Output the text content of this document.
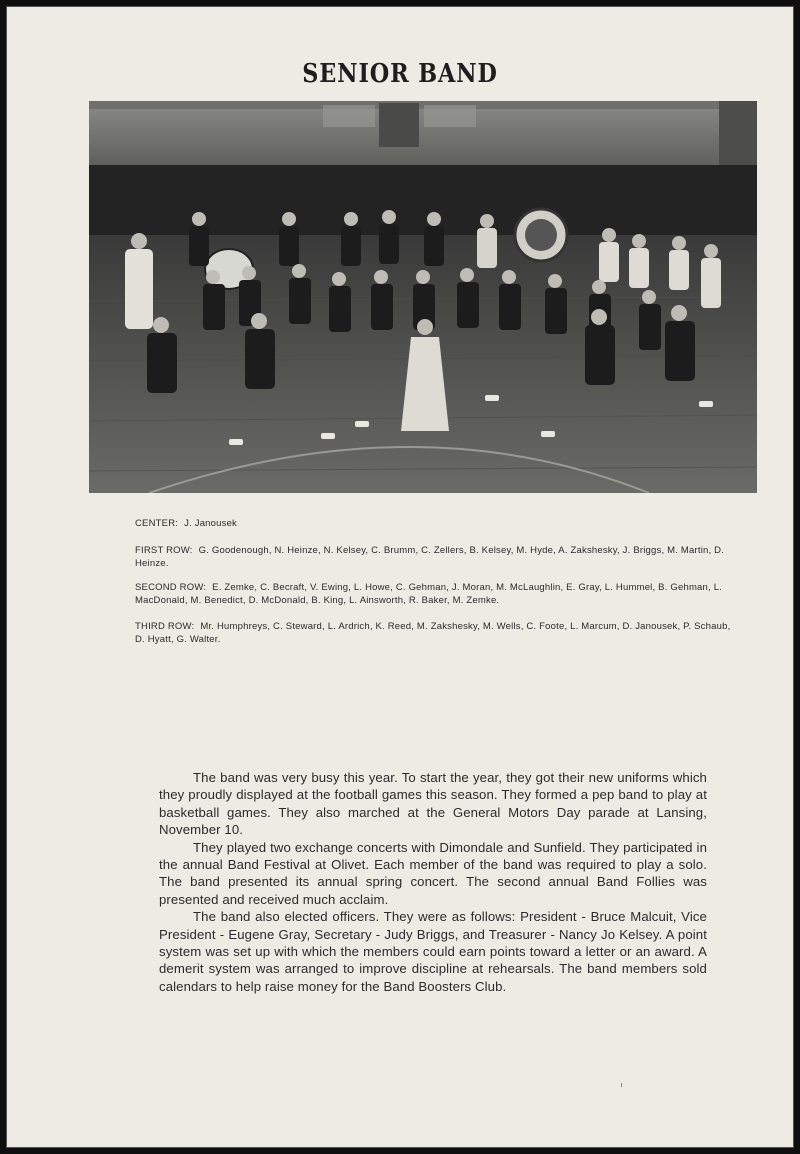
SENIOR BAND
CENTER: J. Janousek
FIRST ROW: G. Goodenough, N. Heinze, N. Kelsey, C. Brumm, C. Zellers, B. Kelsey, M. Hyde, A. Zakshesky, J. Briggs, M. Martin, D. Heinze.
SECOND ROW: E. Zemke, C. Becraft, V. Ewing, L. Howe, C. Gehman, J. Moran, M. McLaughlin, E. Gray, L. Hummel, B. Gehman, L. MacDonald, M. Benedict, D. McDonald, B. King, L. Ainsworth, R. Baker, M. Zemke.
THIRD ROW: Mr. Humphreys, C. Steward, L. Ardrich, K. Reed, M. Zakshesky, M. Wells, C. Foote, L. Marcum, D. Janousek, P. Schaub, D. Hyatt, G. Walter.

The band was very busy this year. To start the year, they got their new uniforms which they proudly displayed at the football games this season. They formed a pep band to play at basketball games. They also marched at the General Motors Day parade at Lansing, November 10.

They played two exchange concerts with Dimondale and Sunfield. They participated in the annual Band Festival at Olivet. Each member of the band was required to play a solo. The band presented its annual spring concert. The second annual Band Follies was presented and received much acclaim.

The band also elected officers. They were as follows: President - Bruce Malcuit, Vice President - Eugene Gray, Secretary - Judy Briggs, and Treasurer - Nancy Jo Kelsey. A point system was set up with which the members could earn points toward a letter or an award. A demerit system was arranged to improve discipline at rehearsals. The band members sold calendars to help raise money for the Band Boosters Club.
